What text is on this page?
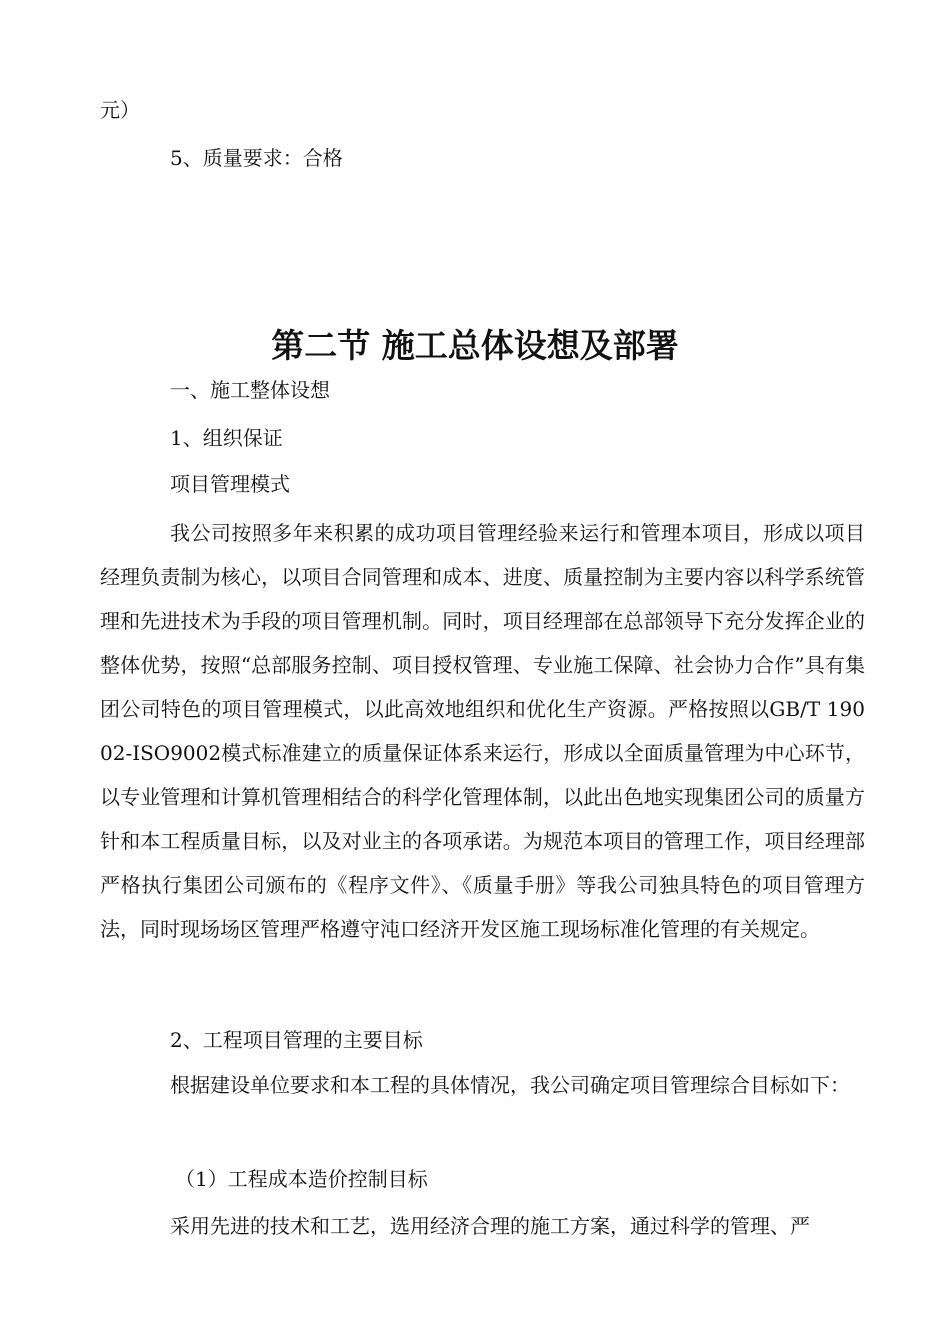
元）
5、质量要求：合格
第二节 施工总体设想及部署
一、施工整体设想
1、组织保证
项目管理模式
我公司按照多年来积累的成功项目管理经验来运行和管理本项目，形成以项目经理负责制为核心，以项目合同管理和成本、进度、质量控制为主要内容以科学系统管理和先进技术为手段的项目管理机制。同时，项目经理部在总部领导下充分发挥企业的整体优势，按照“总部服务控制、项目授权管理、专业施工保障、社会协力合作”具有集团公司特色的项目管理模式，以此高效地组织和优化生产资源。严格按照以GB/T 19002-ISO9002模式标准建立的质量保证体系来运行，形成以全面质量管理为中心环节，以专业管理和计算机管理相结合的科学化管理体制，以此出色地实现集团公司的质量方针和本工程质量目标，以及对业主的各项承诺。为规范本项目的管理工作，项目经理部严格执行集团公司颁布的《程序文件》、《质量手册》等我公司独具特色的项目管理方法，同时现场场区管理严格遵守沌口经济开发区施工现场标准化管理的有关规定。
2、工程项目管理的主要目标
根据建设单位要求和本工程的具体情况，我公司确定项目管理综合目标如下：
（1）工程成本造价控制目标
采用先进的技术和工艺，选用经济合理的施工方案，通过科学的管理、严
